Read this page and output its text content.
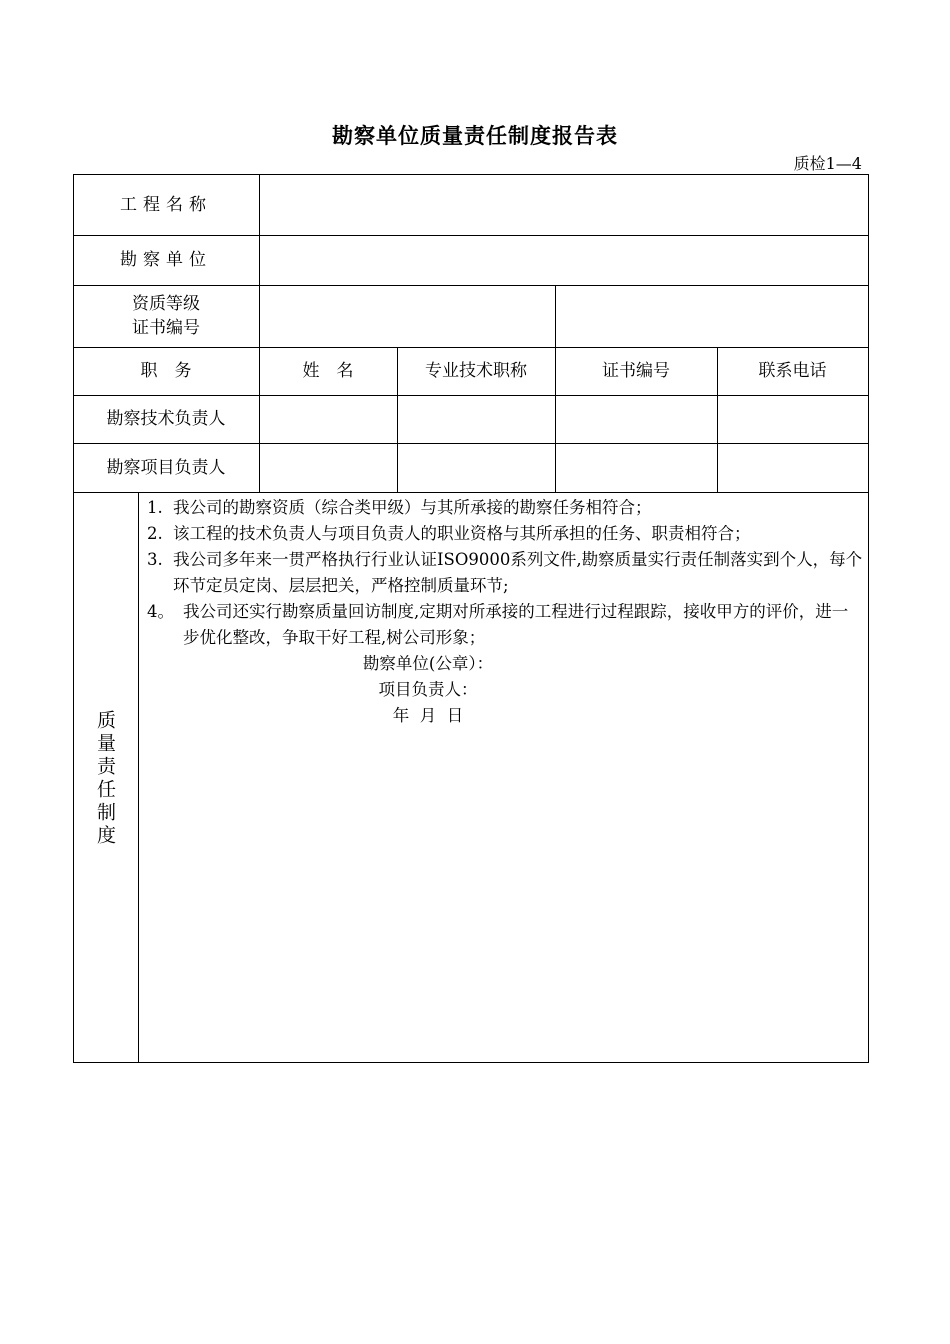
勘察单位质量责任制度报告表
质检1—4
工程名称
勘察单位
资质等级
证书编号
职　务	姓　名	专业技术职称	证书编号	联系电话
勘察技术负责人
勘察项目负责人
质量责任制度
1. 我公司的勘察资质（综合类甲级）与其所承接的勘察任务相符合；
2. 该工程的技术负责人与项目负责人的职业资格与其所承担的任务、职责相符合；
3. 我公司多年来一贯严格执行行业认证ISO9000系列文件,勘察质量实行责任制落实到个人，每个环节定员定岗、层层把关，严格控制质量环节;
4。 我公司还实行勘察质量回访制度,定期对所承接的工程进行过程跟踪，接收甲方的评价，进一步优化整改，争取干好工程,树公司形象；
勘察单位(公章）：
项目负责人：
年  月  日
